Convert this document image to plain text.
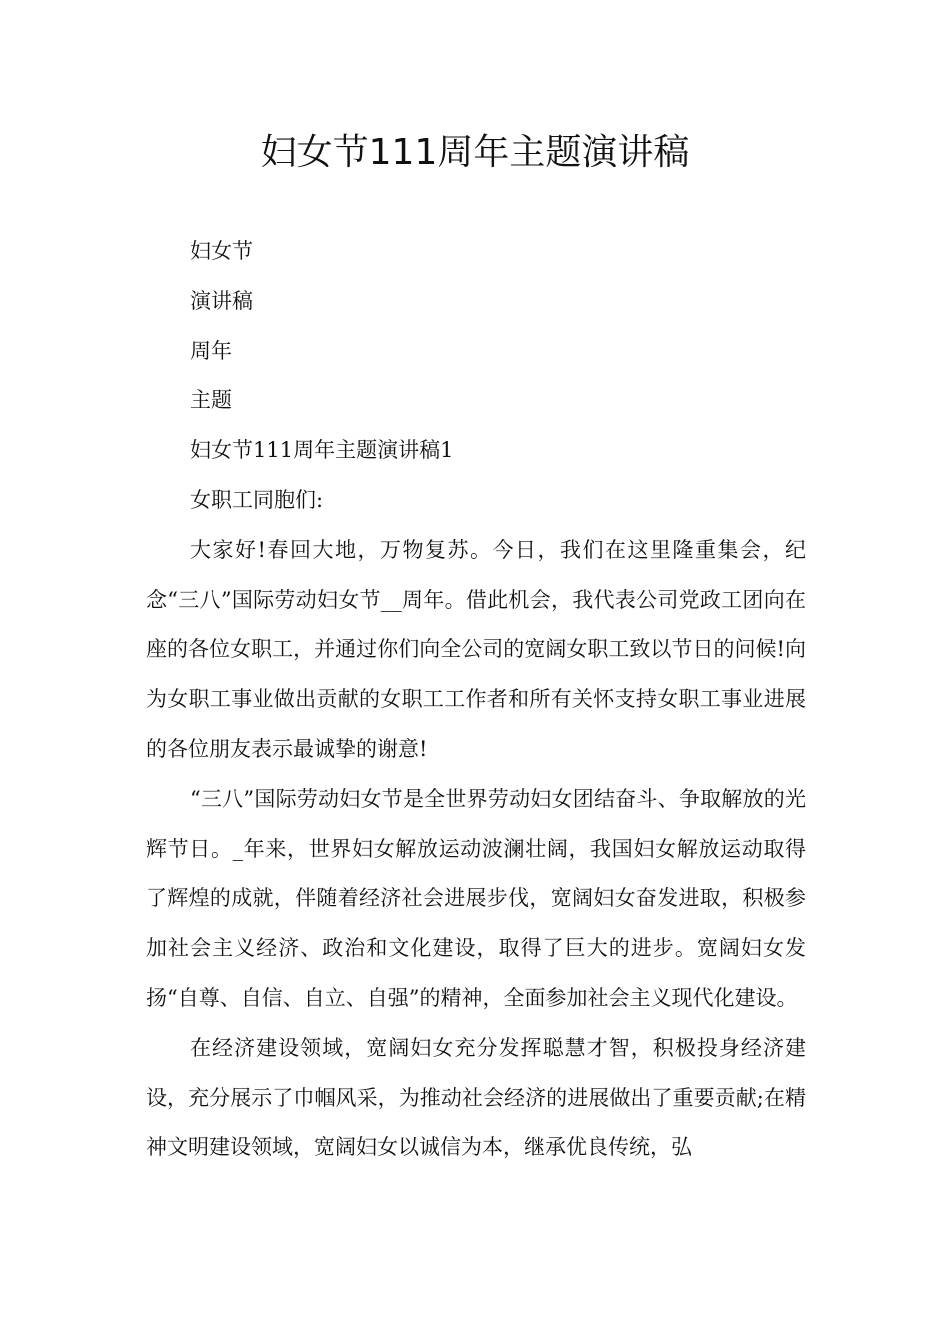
妇女节111周年主题演讲稿

妇女节

演讲稿

周年

主题

妇女节111周年主题演讲稿1

女职工同胞们:

大家好!春回大地，万物复苏。今日，我们在这里隆重集会，纪念“三八”国际劳动妇女节__周年。借此机会，我代表公司党政工团向在座的各位女职工，并通过你们向全公司的宽阔女职工致以节日的问候!向为女职工事业做出贡献的女职工工作者和所有关怀支持女职工事业进展的各位朋友表示最诚挚的谢意!

“三八”国际劳动妇女节是全世界劳动妇女团结奋斗、争取解放的光辉节日。_年来，世界妇女解放运动波澜壮阔，我国妇女解放运动取得了辉煌的成就，伴随着经济社会进展步伐，宽阔妇女奋发进取，积极参加社会主义经济、政治和文化建设，取得了巨大的进步。宽阔妇女发扬“自尊、自信、自立、自强”的精神，全面参加社会主义现代化建设。

在经济建设领域，宽阔妇女充分发挥聪慧才智，积极投身经济建设，充分展示了巾帼风采，为推动社会经济的进展做出了重要贡献;在精神文明建设领域，宽阔妇女以诚信为本，继承优良传统，弘
